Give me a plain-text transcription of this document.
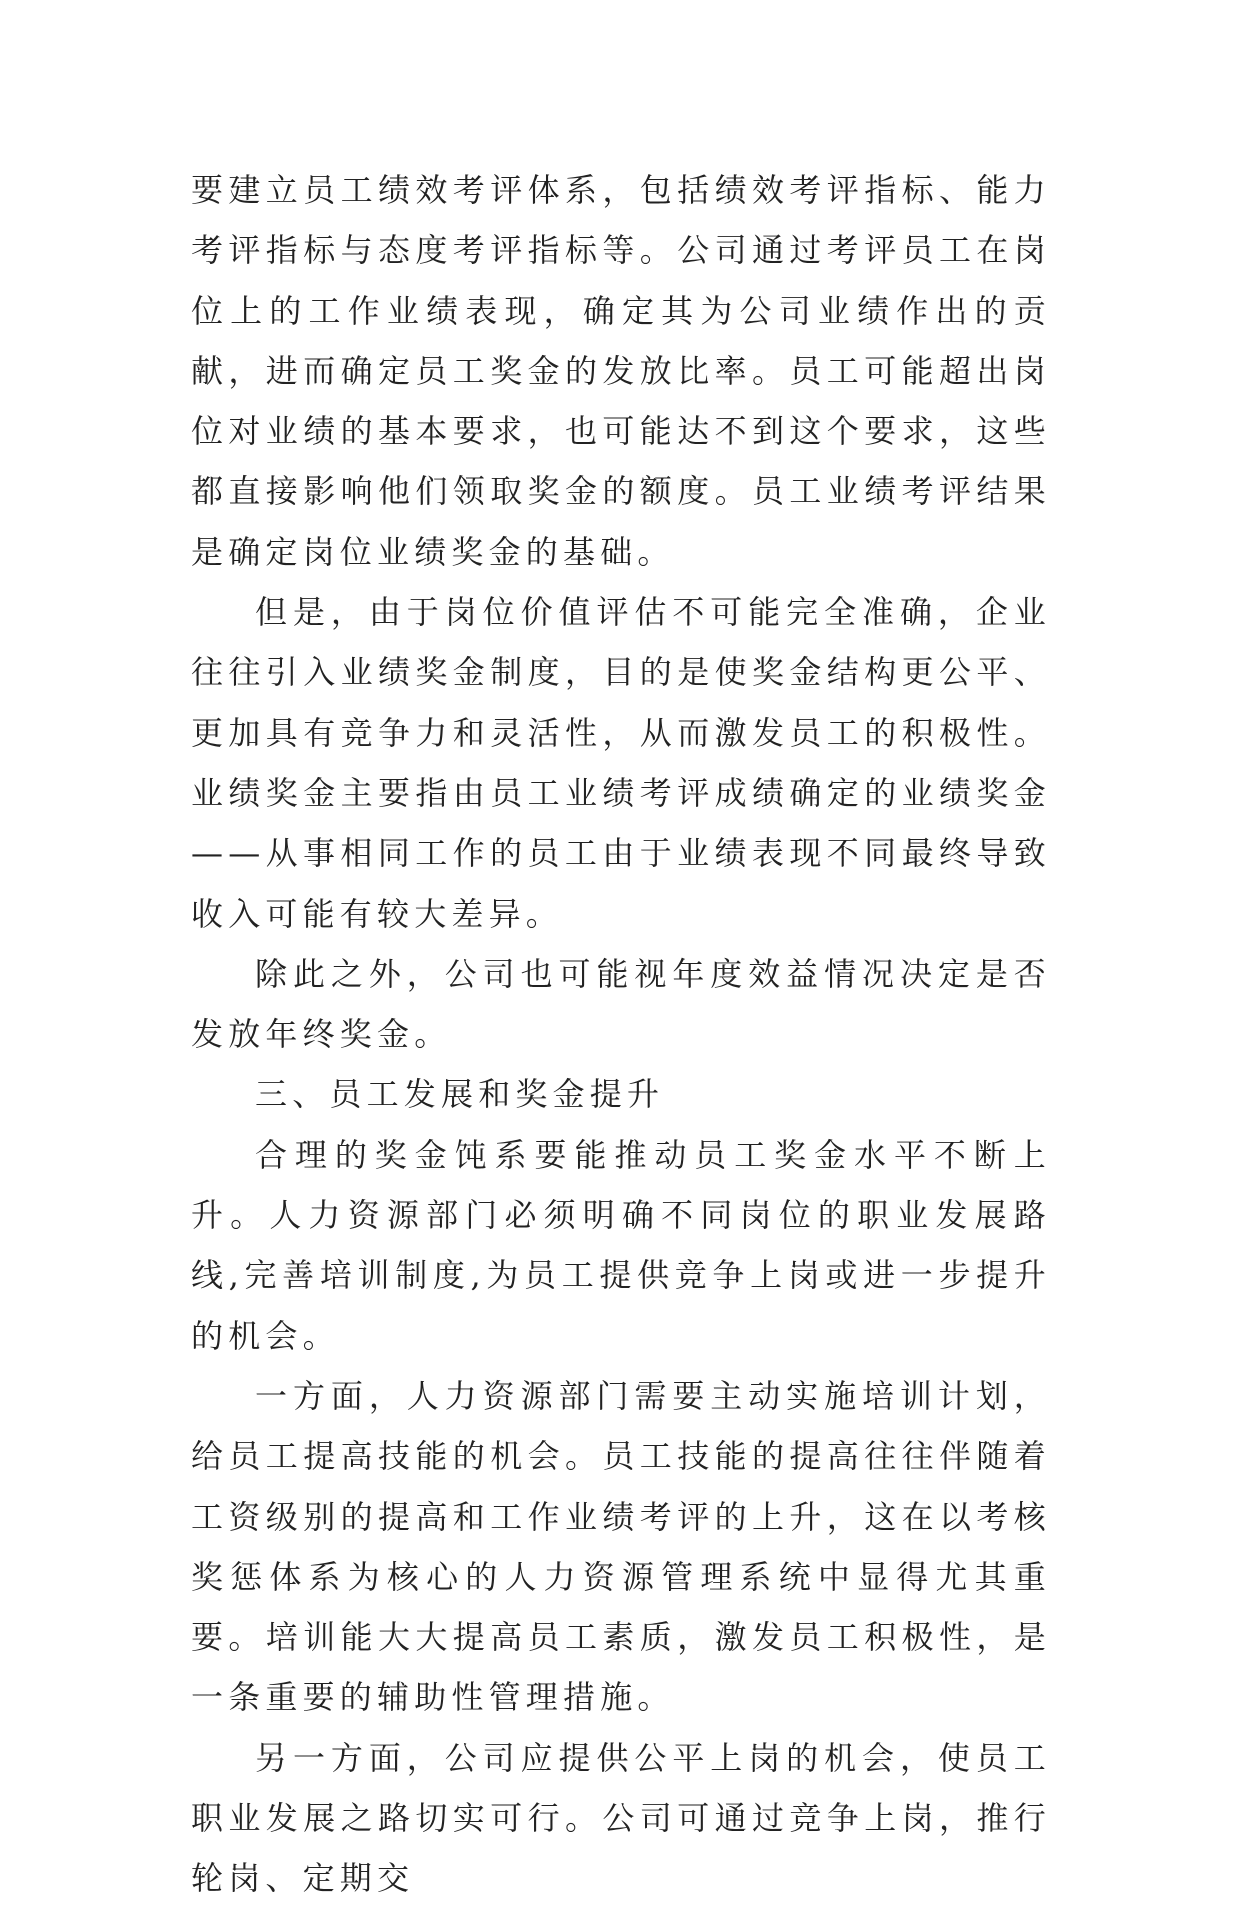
要建立员工绩效考评体系，包括绩效考评指标、能力考评指标与态度考评指标等。公司通过考评员工在岗位上的工作业绩表现，确定其为公司业绩作出的贡献，进而确定员工奖金的发放比率。员工可能超出岗位对业绩的基本要求，也可能达不到这个要求，这些都直接影响他们领取奖金的额度。员工业绩考评结果是确定岗位业绩奖金的基础。

但是，由于岗位价值评估不可能完全准确，企业往往引入业绩奖金制度，目的是使奖金结构更公平、更加具有竞争力和灵活性，从而激发员工的积极性。业绩奖金主要指由员工业绩考评成绩确定的业绩奖金——从事相同工作的员工由于业绩表现不同最终导致收入可能有较大差异。

除此之外，公司也可能视年度效益情况决定是否发放年终奖金。

三、员工发展和奖金提升

合理的奖金饨系要能推动员工奖金水平不断上升。人力资源部门必须明确不同岗位的职业发展路线,完善培训制度,为员工提供竞争上岗或进一步提升的机会。

一方面，人力资源部门需要主动实施培训计划，给员工提高技能的机会。员工技能的提高往往伴随着工资级别的提高和工作业绩考评的上升，这在以考核奖惩体系为核心的人力资源管理系统中显得尤其重要。培训能大大提高员工素质，激发员工积极性，是一条重要的辅助性管理措施。

另一方面，公司应提供公平上岗的机会，使员工职业发展之路切实可行。公司可通过竞争上岗，推行轮岗、定期交
